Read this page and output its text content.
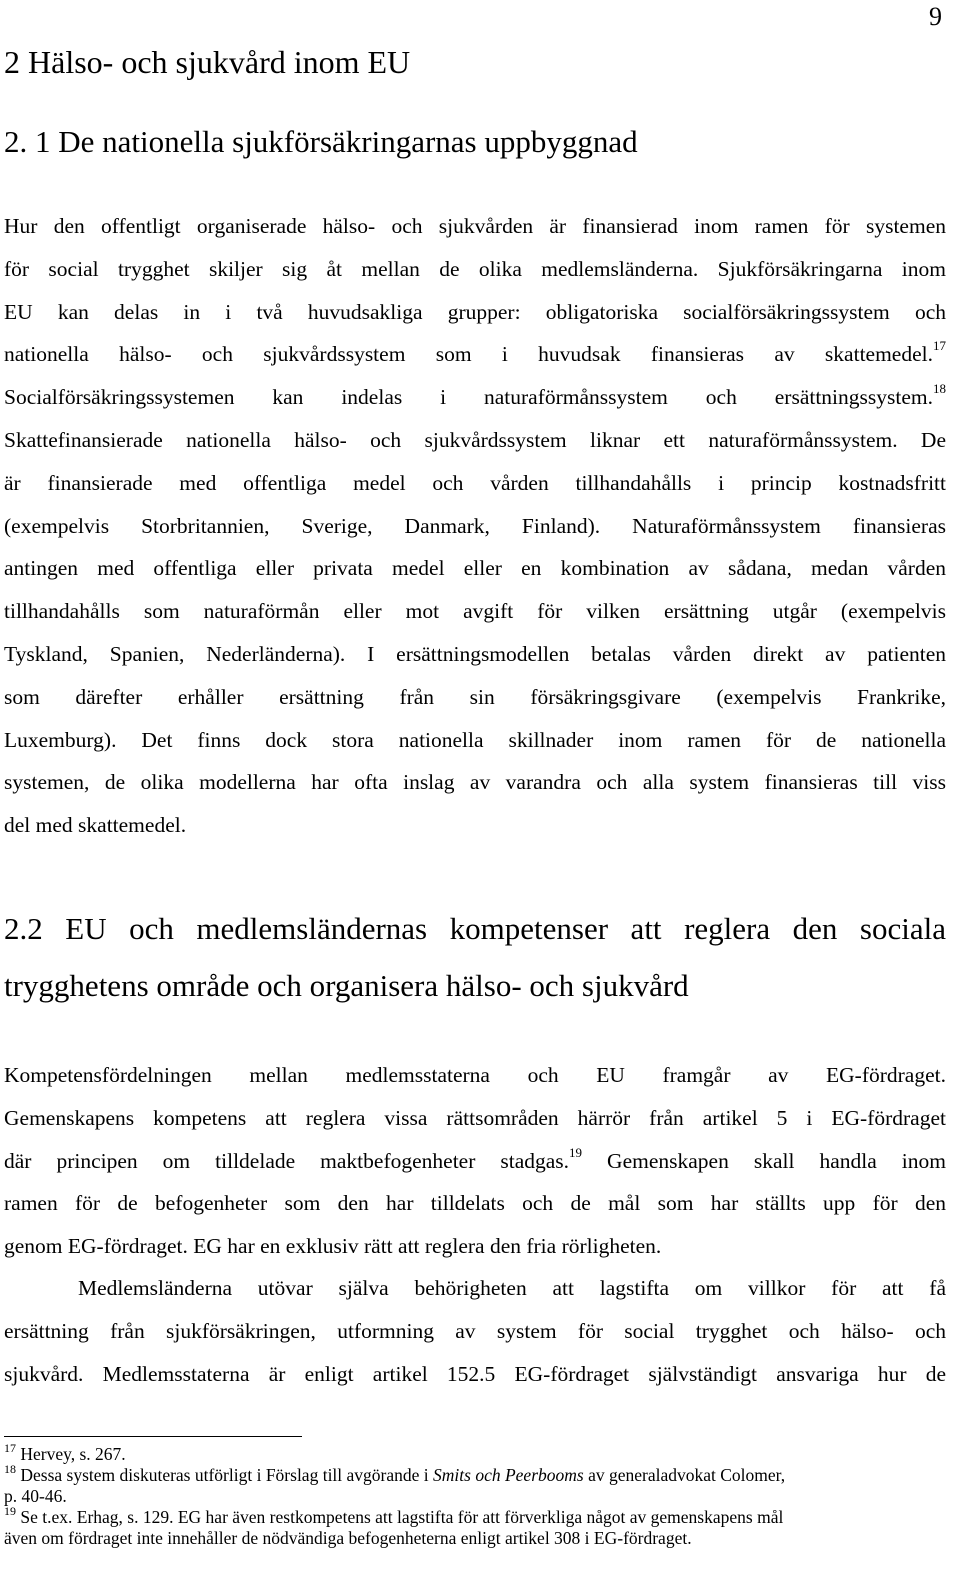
9
2 Hälso- och sjukvård inom EU
2. 1 De nationella sjukförsäkringarnas uppbyggnad
Hur den offentligt organiserade hälso- och sjukvården är finansierad inom ramen för systemen
för social trygghet skiljer sig åt mellan de olika medlemsländerna. Sjukförsäkringarna inom
EU kan delas in i två huvudsakliga grupper: obligatoriska socialförsäkringssystem och
nationella hälso- och sjukvårdssystem som i huvudsak finansieras av skattemedel.$^{17}$
Socialförsäkringssystemen kan indelas i naturaförmånssystem och ersättningssystem.$^{18}$
Skattefinansierade nationella hälso- och sjukvårdssystem liknar ett naturaförmånssystem. De
är finansierade med offentliga medel och vården tillhandahålls i princip kostnadsfritt
(exempelvis Storbritannien, Sverige, Danmark, Finland). Naturaförmånssystem finansieras
antingen med offentliga eller privata medel eller en kombination av sådana, medan vården
tillhandahålls som naturaförmån eller mot avgift för vilken ersättning utgår (exempelvis
Tyskland, Spanien, Nederländerna). I ersättningsmodellen betalas vården direkt av patienten
som därefter erhåller ersättning från sin försäkringsgivare (exempelvis Frankrike,
Luxemburg). Det finns dock stora nationella skillnader inom ramen för de nationella
systemen, de olika modellerna har ofta inslag av varandra och alla system finansieras till viss
del med skattemedel.
2.2 EU och medlemsländernas kompetenser att reglera den sociala
trygghetens område och organisera hälso- och sjukvård
Kompetensfördelningen mellan medlemsstaterna och EU framgår av EG-fördraget.
Gemenskapens kompetens att reglera vissa rättsområden härrör från artikel 5 i EG-fördraget
där principen om tilldelade maktbefogenheter stadgas.$^{19}$ Gemenskapen skall handla inom
ramen för de befogenheter som den har tilldelats och de mål som har ställts upp för den
genom EG-fördraget. EG har en exklusiv rätt att reglera den fria rörligheten.
Medlemsländerna utövar själva behörigheten att lagstifta om villkor för att få
ersättning från sjukförsäkringen, utformning av system för social trygghet och hälso- och
sjukvård. Medlemsstaterna är enligt artikel 152.5 EG-fördraget självständigt ansvariga hur de
$^{17}$ Hervey, s. 267.
$^{18}$ Dessa system diskuteras utförligt i Förslag till avgörande i Smits och Peerbooms av generaladvokat Colomer,
p. 40-46.
$^{19}$ Se t.ex. Erhag, s. 129. EG har även restkompetens att lagstifta för att förverkliga något av gemenskapens mål
även om fördraget inte innehåller de nödvändiga befogenheterna enligt artikel 308 i EG-fördraget.
